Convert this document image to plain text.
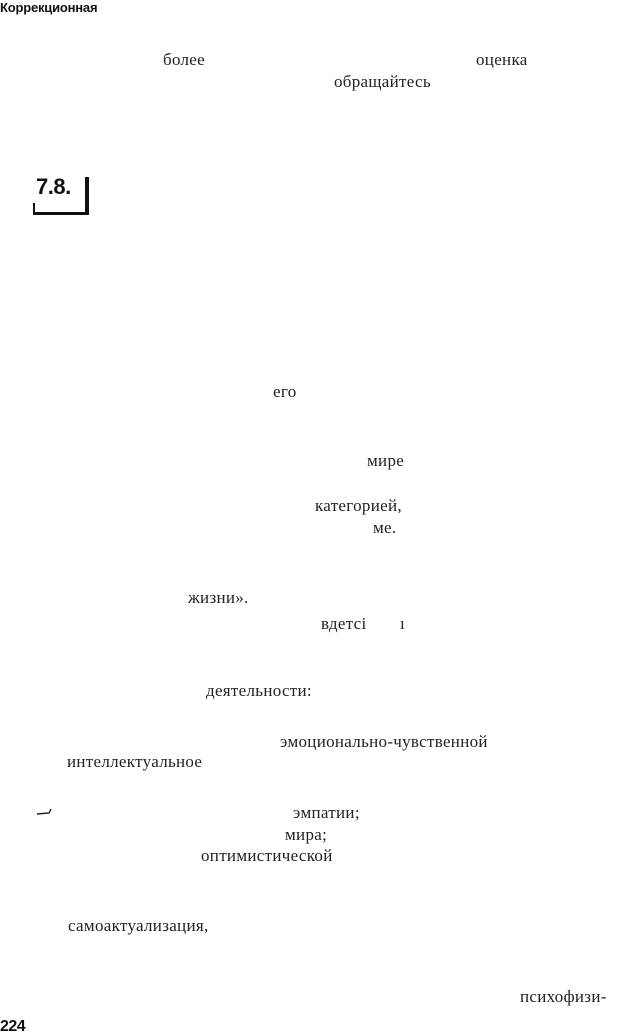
Коррекционная
более	оценка
обращайтесь
7.8.
его
мире
категорией,
ме.
жизни».
вдетсі ı
деятельности:
эмоционально-чувственной
интеллектуальное
эмпатии;
мира;
оптимистической
самоактуализация,
психофизи-
224
